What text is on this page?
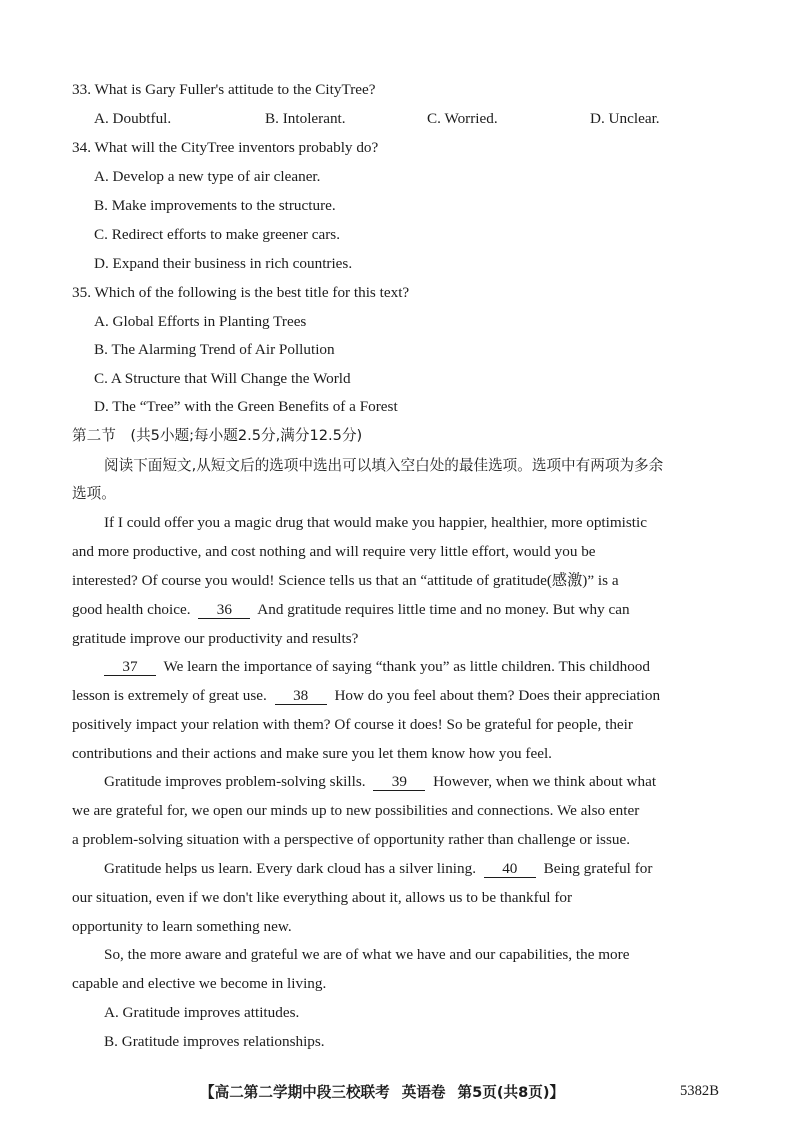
33. What is Gary Fuller's attitude to the CityTree?
A. Doubtful.	B. Intolerant.	C. Worried.	D. Unclear.
34. What will the CityTree inventors probably do?
A. Develop a new type of air cleaner.
B. Make improvements to the structure.
C. Redirect efforts to make greener cars.
D. Expand their business in rich countries.
35. Which of the following is the best title for this text?
A. Global Efforts in Planting Trees
B. The Alarming Trend of Air Pollution
C. A Structure that Will Change the World
D. The “Tree” with the Green Benefits of a Forest
第二节　(共5小题;每小题2.5分,满分12.5分)
阅读下面短文,从短文后的选项中选出可以填入空白处的最佳选项。选项中有两项为多余
选项。
If I could offer you a magic drug that would make you happier, healthier, more optimistic
and more productive, and cost nothing and will require very little effort, would you be
interested? Of course you would! Science tells us that an “attitude of gratitude(感激)” is a
good health choice. 36 And gratitude requires little time and no money. But why can
gratitude improve our productivity and results?
37 We learn the importance of saying “thank you” as little children. This childhood
lesson is extremely of great use. 38 How do you feel about them? Does their appreciation
positively impact your relation with them? Of course it does! So be grateful for people, their
contributions and their actions and make sure you let them know how you feel.
Gratitude improves problem-solving skills. 39 However, when we think about what
we are grateful for, we open our minds up to new possibilities and connections. We also enter
a problem-solving situation with a perspective of opportunity rather than challenge or issue.
Gratitude helps us learn. Every dark cloud has a silver lining. 40 Being grateful for
our situation, even if we don't like everything about it, allows us to be thankful for
opportunity to learn something new.
So, the more aware and grateful we are of what we have and our capabilities, the more
capable and elective we become in living.
A. Gratitude improves attitudes.
B. Gratitude improves relationships.
【高二第二学期中段三校联考 英语卷 第5页(共8页)】	5382B
